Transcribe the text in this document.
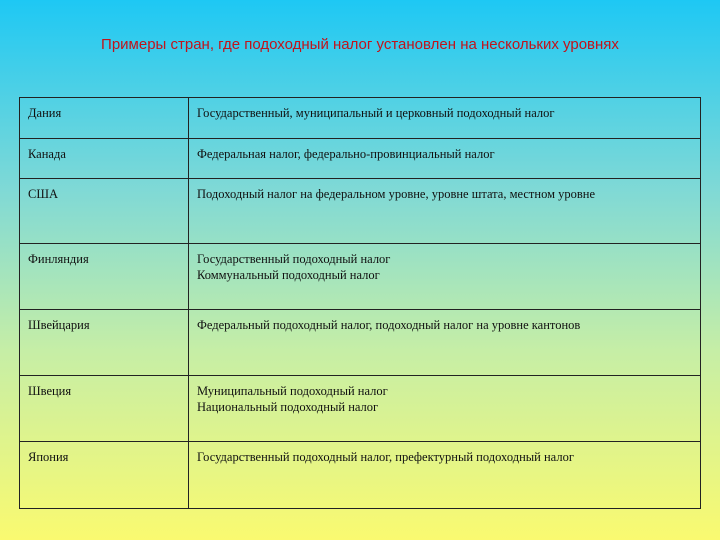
Примеры стран, где подоходный налог установлен на нескольких уровнях
Дания	Государственный, муниципальный и церковный подоходный налог

Канада	Федеральная налог, федерально-провинциальный налог

США	Подоходный налог на федеральном уровне, уровне штата, местном уровне

Финляндия	Государственный подоходный налог
Коммунальный подоходный налог

Швейцария	Федеральный подоходный налог, подоходный налог на уровне кантонов

Швеция	Муниципальный подоходный налог
Национальный подоходный налог

Япония	Государственный подоходный налог, префектурный подоходный налог
